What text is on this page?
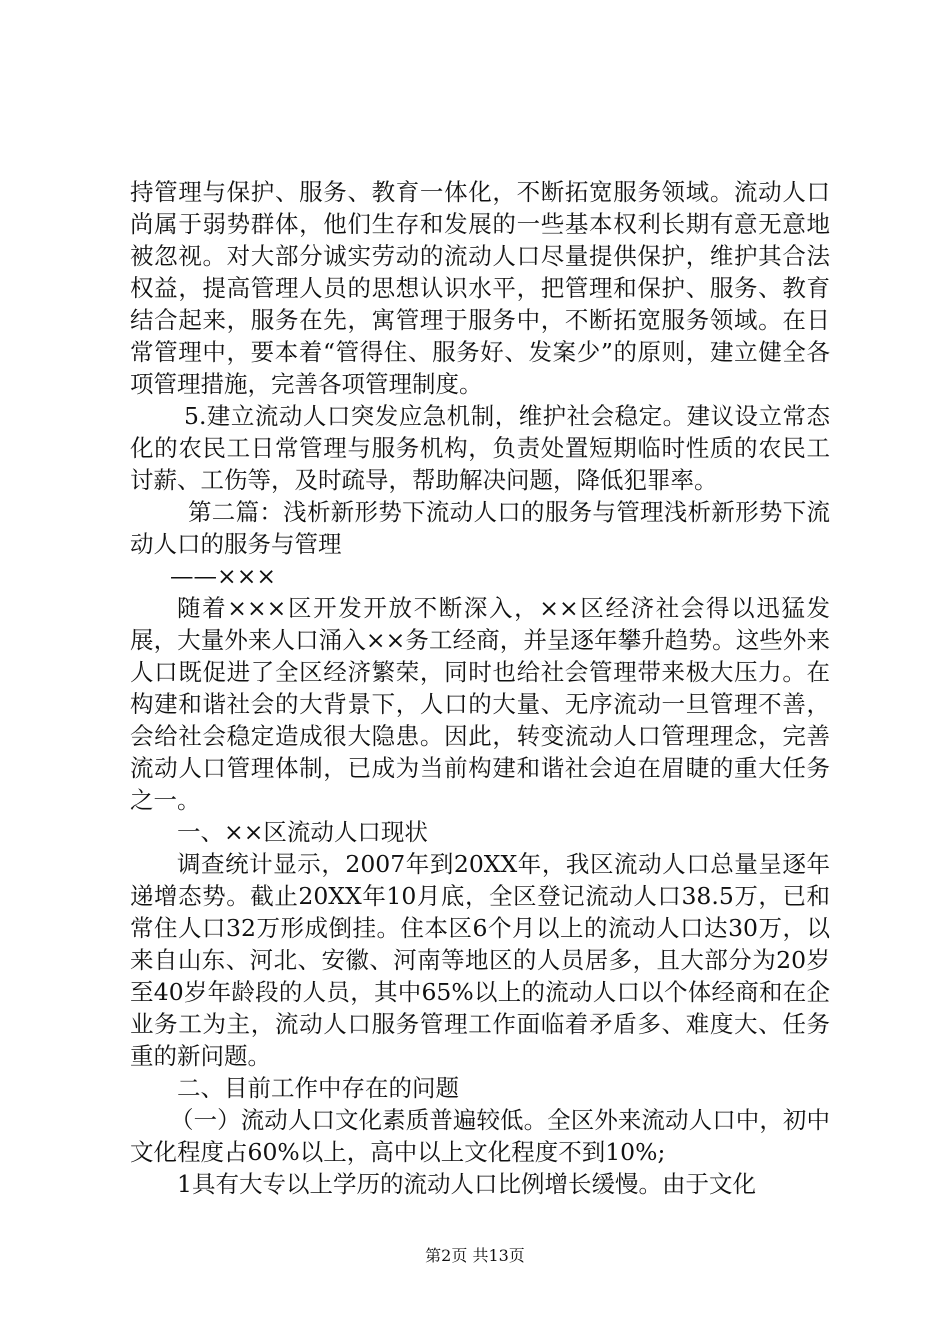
持管理与保护、服务、教育一体化，不断拓宽服务领域。流动人口尚属于弱势群体，他们生存和发展的一些基本权利长期有意无意地被忽视。对大部分诚实劳动的流动人口尽量提供保护，维护其合法权益，提高管理人员的思想认识水平，把管理和保护、服务、教育结合起来，服务在先，寓管理于服务中，不断拓宽服务领域。在日常管理中，要本着“管得住、服务好、发案少”的原则，建立健全各项管理措施，完善各项管理制度。

5.建立流动人口突发应急机制，维护社会稳定。建议设立常态化的农民工日常管理与服务机构，负责处置短期临时性质的农民工讨薪、工伤等，及时疏导，帮助解决问题，降低犯罪率。

第二篇：浅析新形势下流动人口的服务与管理浅析新形势下流动人口的服务与管理

——×××

随着×××区开发开放不断深入，××区经济社会得以迅猛发展，大量外来人口涌入××务工经商，并呈逐年攀升趋势。这些外来人口既促进了全区经济繁荣，同时也给社会管理带来极大压力。在构建和谐社会的大背景下，人口的大量、无序流动一旦管理不善，会给社会稳定造成很大隐患。因此，转变流动人口管理理念，完善流动人口管理体制，已成为当前构建和谐社会迫在眉睫的重大任务之一。

一、××区流动人口现状

调查统计显示，2007年到20XX年，我区流动人口总量呈逐年递增态势。截止20XX年10月底，全区登记流动人口38.5万，已和常住人口32万形成倒挂。住本区6个月以上的流动人口达30万，以来自山东、河北、安徽、河南等地区的人员居多，且大部分为20岁至40岁年龄段的人员，其中65%以上的流动人口以个体经商和在企业务工为主，流动人口服务管理工作面临着矛盾多、难度大、任务重的新问题。

二、目前工作中存在的问题

（一）流动人口文化素质普遍较低。全区外来流动人口中，初中文化程度占60%以上，高中以上文化程度不到10%;

1具有大专以上学历的流动人口比例增长缓慢。由于文化

第2页 共13页
